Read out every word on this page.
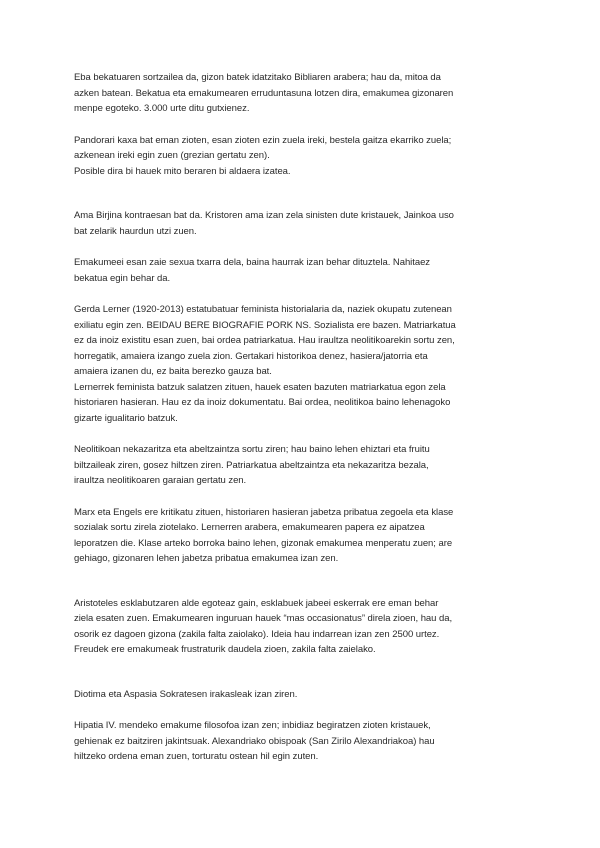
Eba bekatuaren sortzailea da, gizon batek idatzitako Bibliaren arabera; hau da, mitoa da
azken batean. Bekatua eta emakumearen erruduntasuna lotzen dira, emakumea gizonaren
menpe egoteko. 3.000 urte ditu gutxienez.

Pandorari kaxa bat eman zioten, esan zioten ezin zuela ireki, bestela gaitza ekarriko zuela;
azkenean ireki egin zuen (grezian gertatu zen).
Posible dira bi hauek mito beraren bi aldaera izatea.

Ama Birjina kontraesan bat da. Kristoren ama izan zela sinisten dute kristauek, Jainkoa uso
bat zelarik haurdun utzi zuen.

Emakumeei esan zaie sexua txarra dela, baina haurrak izan behar dituztela. Nahitaez
bekatua egin behar da.

Gerda Lerner (1920-2013) estatubatuar feminista historialaria da, naziek okupatu zutenean
exiliatu egin zen. BEIDAU BERE BIOGRAFIE PORK NS. Sozialista ere bazen. Matriarkatua
ez da inoiz existitu esan zuen, bai ordea patriarkatua. Hau iraultza neolitikoarekin sortu zen,
horregatik, amaiera izango zuela zion. Gertakari historikoa denez, hasiera/jatorria eta
amaiera izanen du, ez baita berezko gauza bat.
Lernerrek feminista batzuk salatzen zituen, hauek esaten bazuten matriarkatua egon zela
historiaren hasieran. Hau ez da inoiz dokumentatu. Bai ordea, neolitikoa baino lehenagoko
gizarte igualitario batzuk.

Neolitikoan nekazaritza eta abeltzaintza sortu ziren; hau baino lehen ehiztari eta fruitu
biltzaileak ziren, gosez hiltzen ziren. Patriarkatua abeltzaintza eta nekazaritza bezala,
iraultza neolitikoaren garaian gertatu zen.

Marx eta Engels ere kritikatu zituen, historiaren hasieran jabetza pribatua zegoela eta klase
sozialak sortu zirela ziotelako. Lernerren arabera, emakumearen papera ez aipatzea
leporatzen die. Klase arteko borroka baino lehen, gizonak emakumea menperatu zuen; are
gehiago, gizonaren lehen jabetza pribatua emakumea izan zen.

Aristoteles esklabutzaren alde egoteaz gain, esklabuek jabeei eskerrak ere eman behar
ziela esaten zuen. Emakumearen inguruan hauek “mas occasionatus” direla zioen, hau da,
osorik ez dagoen gizona (zakila falta zaiolako). Ideia hau indarrean izan zen 2500 urtez.
Freudek ere emakumeak frustraturik daudela zioen, zakila falta zaielako.

Diotima eta Aspasia Sokratesen irakasleak izan ziren.

Hipatia IV. mendeko emakume filosofoa izan zen; inbidiaz begiratzen zioten kristauek,
gehienak ez baitziren jakintsuak. Alexandriako obispoak (San Zirilo Alexandriakoa) hau
hiltzeko ordena eman zuen, torturatu ostean hil egin zuten.
